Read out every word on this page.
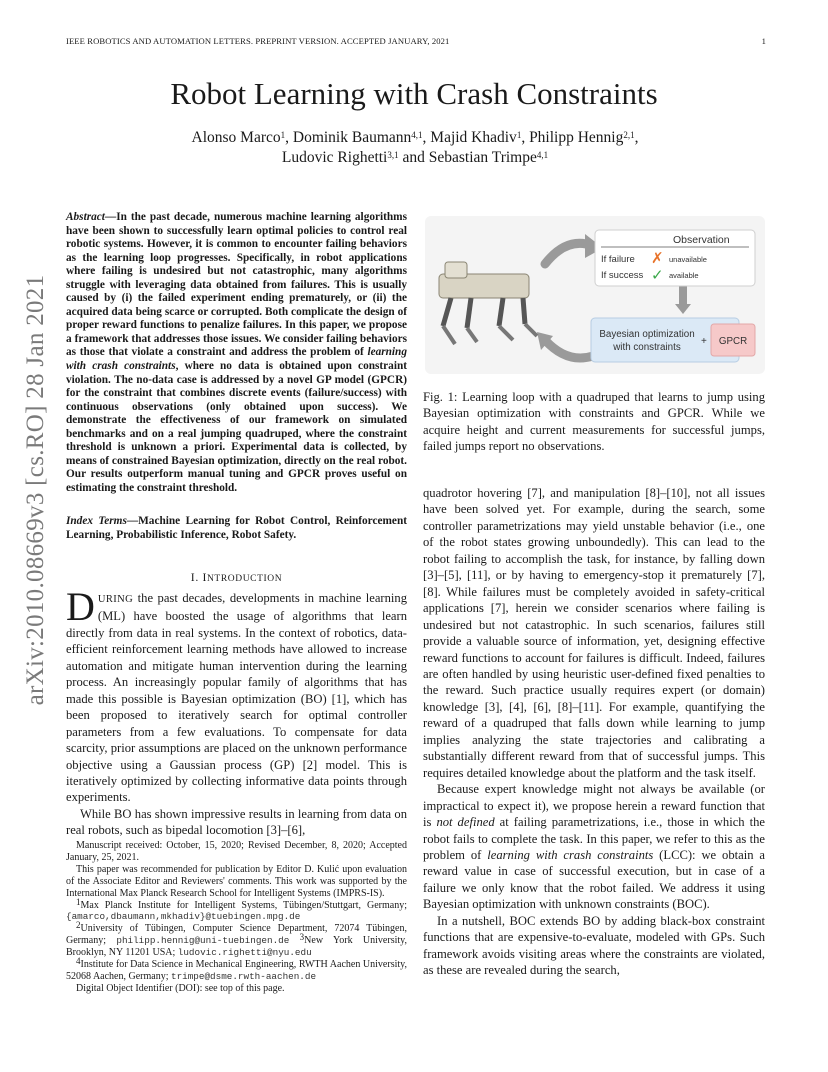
IEEE ROBOTICS AND AUTOMATION LETTERS. PREPRINT VERSION. ACCEPTED JANUARY, 2021	1
Robot Learning with Crash Constraints
Alonso Marco$^1$, Dominik Baumann$^{4,1}$, Majid Khadiv$^1$, Philipp Hennig$^{2,1}$,
Ludovic Righetti$^{3,1}$ and Sebastian Trimpe$^{4,1}$
arXiv:2010.08669v3 [cs.RO] 28 Jan 2021
Abstract—In the past decade, numerous machine learning algorithms have been shown to successfully learn optimal policies to control real robotic systems. However, it is common to encounter failing behaviors as the learning loop progresses. Specifically, in robot applications where failing is undesired but not catastrophic, many algorithms struggle with leveraging data obtained from failures. This is usually caused by (i) the failed experiment ending prematurely, or (ii) the acquired data being scarce or corrupted. Both complicate the design of proper reward functions to penalize failures. In this paper, we propose a framework that addresses those issues. We consider failing behaviors as those that violate a constraint and address the problem of learning with crash constraints, where no data is obtained upon constraint violation. The no-data case is addressed by a novel GP model (GPCR) for the constraint that combines discrete events (failure/success) with continuous observations (only obtained upon success). We demonstrate the effectiveness of our framework on simulated benchmarks and on a real jumping quadruped, where the constraint threshold is unknown a priori. Experimental data is collected, by means of constrained Bayesian optimization, directly on the real robot. Our results outperform manual tuning and GPCR proves useful on estimating the constraint threshold.
Index Terms—Machine Learning for Robot Control, Reinforcement Learning, Probabilistic Inference, Robot Safety.
I. INTRODUCTION

DURING the past decades, developments in machine learning (ML) have boosted the usage of algorithms that learn directly from data in real systems. In the context of robotics, data-efficient reinforcement learning methods have allowed to increase automation and mitigate human intervention during the learning process. An increasingly popular family of algorithms that has made this possible is Bayesian optimization (BO) [1], which has been proposed to iteratively search for optimal controller parameters from a few evaluations. To compensate for data scarcity, prior assumptions are placed on the unknown performance objective using a Gaussian process (GP) [2] model. This is iteratively optimized by collecting informative data points through experiments.

While BO has shown impressive results in learning from data on real robots, such as bipedal locomotion [3]–[6],

Manuscript received: October, 15, 2020; Revised December, 8, 2020; Accepted January, 25, 2021.

This paper was recommended for publication by Editor D. Kulić upon evaluation of the Associate Editor and Reviewers' comments. This work was supported by the International Max Planck Research School for Intelligent Systems (IMPRS-IS).

$^1$Max Planck Institute for Intelligent Systems, Tübingen/Stuttgart, Germany; {amarco,dbaumann,mkhadiv}@tuebingen.mpg.de

$^2$University of Tübingen, Computer Science Department, 72074 Tübingen, Germany; philipp.hennig@uni-tuebingen.de $^3$New York University, Brooklyn, NY 11201 USA; ludovic.righetti@nyu.edu

$^4$Institute for Data Science in Mechanical Engineering, RWTH Aachen University, 52068 Aachen, Germany; trimpe@dsme.rwth-aachen.de

Digital Object Identifier (DOI): see top of this page.

Observation
If failure ✗ unavailable
If success ✓ available
Bayesian optimization
with constraints
+ GPCR
Fig. 1: Learning loop with a quadruped that learns to jump using Bayesian optimization with constraints and GPCR. While we acquire height and current measurements for successful jumps, failed jumps report no observations.

quadrotor hovering [7], and manipulation [8]–[10], not all issues have been solved yet. For example, during the search, some controller parametrizations may yield unstable behavior (i.e., one of the robot states growing unboundedly). This can lead to the robot failing to accomplish the task, for instance, by falling down [3]–[5], [11], or by having to emergency-stop it prematurely [7], [8]. While failures must be completely avoided in safety-critical applications [7], herein we consider scenarios where failing is undesired but not catastrophic. In such scenarios, failures still provide a valuable source of information, yet, designing effective reward functions to account for failures is difficult. Indeed, failures are often handled by using heuristic user-defined fixed penalties to the reward. Such practice usually requires expert (or domain) knowledge [3], [4], [6], [8]–[11]. For example, quantifying the reward of a quadruped that falls down while learning to jump implies analyzing the state trajectories and calibrating a substantially different reward from that of successful jumps. This requires detailed knowledge about the platform and the task itself.

Because expert knowledge might not always be available (or impractical to expect it), we propose herein a reward function that is not defined at failing parametrizations, i.e., those in which the robot fails to complete the task. In this paper, we refer to this as the problem of learning with crash constraints (LCC): we obtain a reward value in case of successful execution, but in case of a failure we only know that the robot failed. We address it using Bayesian optimization with unknown constraints (BOC).

In a nutshell, BOC extends BO by adding black-box constraint functions that are expensive-to-evaluate, modeled with GPs. Such framework avoids visiting areas where the constraints are violated, as these are revealed during the search,
